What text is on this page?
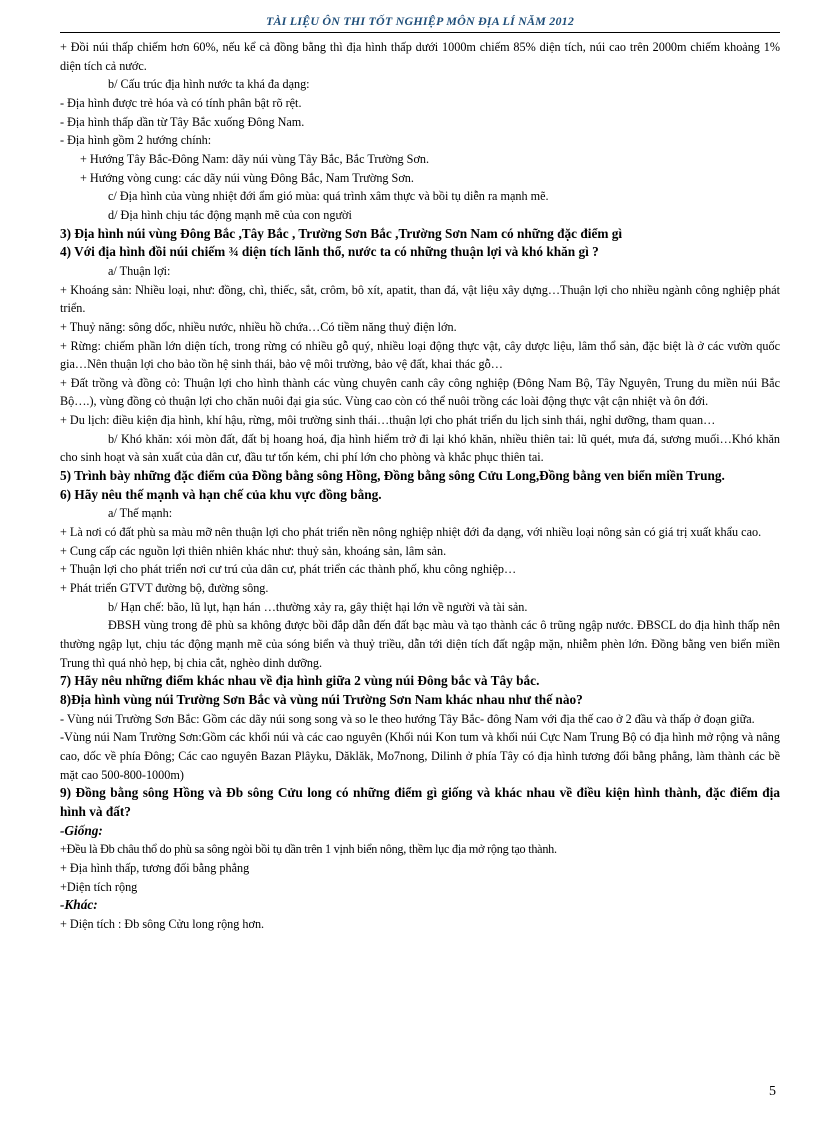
TÀI LIỆU ÔN THI TỐT NGHIỆP MÔN ĐỊA LÍ NĂM 2012

+ Đồi núi thấp chiếm hơn 60%, nếu kể cả đồng bằng thì địa hình thấp dưới 1000m chiếm 85% diện tích, núi cao trên 2000m chiếm khoảng 1% diện tích cả nước.

b/ Cấu trúc địa hình nước ta khá đa dạng:

- Địa hình được trẻ hóa và có tính phân bật rõ rệt.

- Địa hình thấp dần từ Tây Bắc xuống Đông Nam.

- Địa hình gồm 2 hướng chính:

+ Hướng Tây Bắc-Đông Nam: dãy núi vùng Tây Bắc, Bắc Trường Sơn.

+ Hướng vòng cung: các dãy núi vùng Đông Bắc, Nam Trường Sơn.

c/ Địa hình của vùng nhiệt đới ẩm gió mùa: quá trình xâm thực và bồi tụ diễn ra mạnh mẽ.

d/ Địa hình chịu tác động mạnh mẽ của con người

3) Địa hình núi vùng Đông Bắc ,Tây Bắc , Trường Sơn Bắc ,Trường Sơn Nam có những đặc điểm gì

4) Với địa hình đồi núi chiếm ¾ diện tích lãnh thổ, nước ta có những thuận lợi và khó khăn gì ?

a/ Thuận lợi:

+ Khoáng sản: Nhiều loại, như: đồng, chì, thiếc, sắt, crôm, bô xít, apatit, than đá, vật liệu xây dựng…Thuận lợi cho nhiều ngành công nghiệp phát triển.

+ Thuỷ năng: sông dốc, nhiều nước, nhiều hồ chứa…Có tiềm năng thuỷ điện lớn.

+ Rừng: chiếm phần lớn diện tích, trong rừng có nhiều gỗ quý, nhiều loại động thực vật, cây dược liệu, lâm thổ sản, đặc biệt là ở các vườn quốc gia…Nên thuận lợi cho bảo tồn hệ sinh thái, bảo vệ môi trường, bảo vệ đất, khai thác gỗ…

+ Đất trồng và đồng cỏ: Thuận lợi cho hình thành các vùng chuyên canh cây công nghiệp (Đông Nam Bộ, Tây Nguyên, Trung du miền núi Bắc Bộ….), vùng đồng cỏ thuận lợi cho chăn nuôi đại gia súc. Vùng cao còn có thể nuôi trồng các loài động thực vật cận nhiệt và ôn đới.

+ Du lịch: điều kiện địa hình, khí hậu, rừng, môi trường sinh thái…thuận lợi cho phát triển du lịch sinh thái, nghỉ dưỡng, tham quan…

b/ Khó khăn: xói mòn đất, đất bị hoang hoá, địa hình hiểm trở đi lại khó khăn, nhiều thiên tai: lũ quét, mưa đá, sương muối…Khó khăn cho sinh hoạt và sản xuất của dân cư, đầu tư tốn kém, chi phí lớn cho phòng và khắc phục thiên tai.

5) Trình bày những đặc điểm của Đồng bằng sông Hồng, Đồng bằng sông Cửu Long,Đồng bằng ven biển miền Trung.

6) Hãy nêu thế mạnh và hạn chế của khu vực đồng bằng.

a/ Thế mạnh:

+ Là nơi có đất phù sa màu mỡ nên thuận lợi cho phát triển nền nông nghiệp nhiệt đới đa dạng, với nhiều loại nông sản có giá trị xuất khẩu cao.

+ Cung cấp các nguồn lợi thiên nhiên khác như: thuỷ sản, khoáng sản, lâm sản.

+ Thuận lợi cho phát triển nơi cư trú của dân cư, phát triển các thành phố, khu công nghiệp…

+ Phát triển GTVT đường bộ, đường sông.

b/ Hạn chế: bão, lũ lụt, hạn hán …thường xảy ra, gây thiệt hại lớn về người và tài sản.

ĐBSH vùng trong đê phù sa không được bồi đắp dẫn đến đất bạc màu và tạo thành các ô trũng ngập nước. ĐBSCL do địa hình thấp nên thường ngập lụt, chịu tác động mạnh mẽ của sóng biển và thuỷ triều, dẫn tới diện tích đất ngập mặn, nhiễm phèn lớn. Đồng bằng ven biển miền Trung thì quá nhỏ hẹp, bị chia cắt, nghèo dinh dưỡng.

7) Hãy nêu những điểm khác nhau về địa hình giữa 2 vùng núi Đông bắc và Tây bắc.

8)Địa hình vùng núi Trường Sơn Bắc và vùng núi Trường Sơn Nam khác nhau như thế nào?

- Vùng núi Trường Sơn Bắc: Gồm các dãy núi song song và so le theo hướng Tây Bắc- đông Nam với địa thế cao ở 2 đầu và thấp ở đoạn giữa.

-Vùng núi Nam Trường Sơn:Gồm các khối núi và các cao nguyên (Khối núi Kon tum và khối núi Cực Nam Trung Bộ có địa hình mở rộng và nâng cao, dốc về phía Đông; Các cao nguyên Bazan Plâyku, Dăklăk, Mo7nong, Dilinh ở phía Tây có địa hình tương đối bằng phẳng, làm thành các bề mặt cao 500-800-1000m)

9) Đồng bằng sông Hồng và Đb sông Cửu long có những điểm gì giống và khác nhau về điều kiện hình thành, đặc điểm địa hình và đất?

-Giống:

+Đều là Đb châu thổ do phù sa sông ngòi bồi tụ dần trên 1 vịnh biển nông, thềm lục địa mở rộng tạo thành.

+ Địa hình thấp, tương đối bằng phẳng

+Diện tích rộng

-Khác:

+ Diện tích : Đb sông Cửu long rộng hơn.

5
